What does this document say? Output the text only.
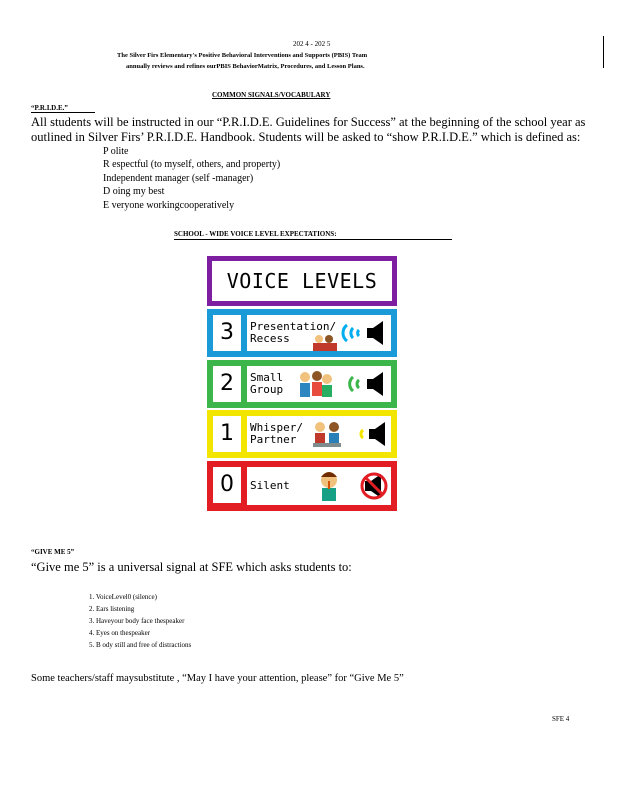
202 4 - 202 5
The Silver Firs Elementary's Positive Behavioral Interventions and Supports (PBIS) Team
annually reviews and refines ourPBIS BehaviorMatrix, Procedures, and Lesson Plans.
COMMON SIGNALS/VOCABULARY
“P.R.I.D.E.”
All students will be instructed in our “P.R.I.D.E. Guidelines for Success” at the beginning of the school year as
outlined in Silver Firs’ P.R.I.D.E. Handbook. Students will be asked to “show P.R.I.D.E.” which is defined as:
P olite
R espectful (to myself, others, and property)
Independent manager (self -manager)
D oing my best
E veryone workingcooperatively
SCHOOL - WIDE VOICE LEVEL EXPECTATIONS:
VOICE LEVELS
3	Presentation/
Recess
2	Small
Group
1	Whisper/
Partner
0	Silent
“GIVE ME 5”
“Give me 5” is a universal signal at SFE which asks students to:
1. VoiceLevel0 (silence)
2. Ears listening
3. Haveyour body face thespeaker
4. Eyes on thespeaker
5. B ody still and free of distractions
Some teachers/staff maysubstitute , “May I have your attention, please” for “Give Me 5”
SFE 4
